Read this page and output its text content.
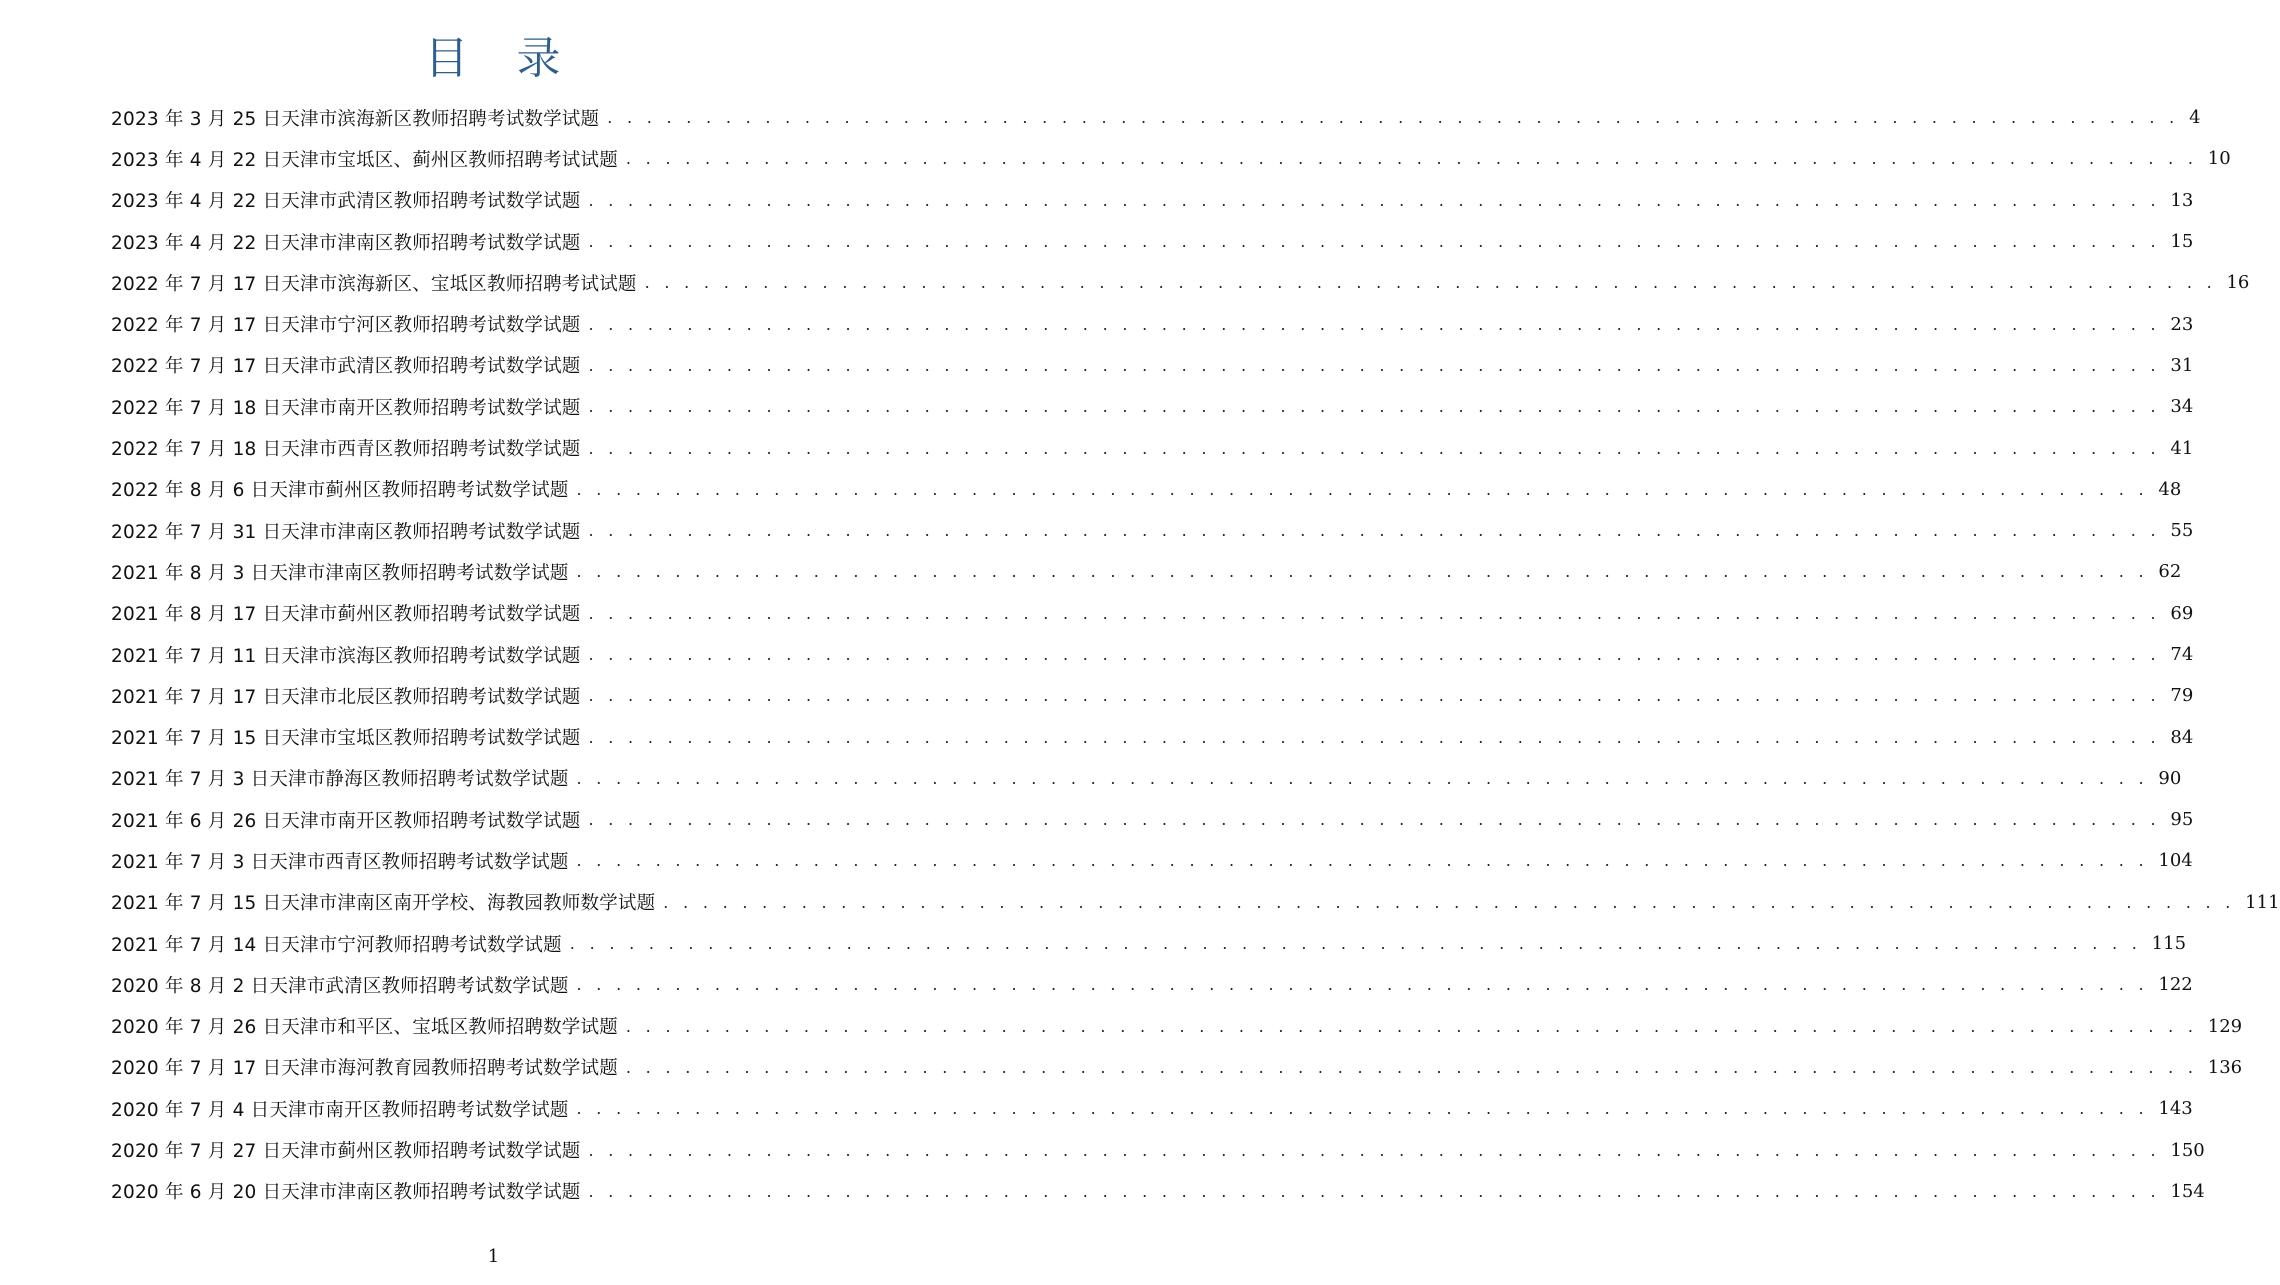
目　录
2023 年 3 月 25 日天津市滨海新区教师招聘考试数学试题 . . . . . . . . . . . . . . . . . . . . . . . . . . . . . . . . . . . . . . . . . . . . . . . . . . . . . . . . . . . . . . . . . . . . . . . . . . . . . . . . 4
2023 年 4 月 22 日天津市宝坻区、蓟州区教师招聘考试试题 . . . . . . . . . . . . . . . . . . . . . . . . . . . . . . . . . . . . . . . . . . . . . . . . . . . . . . . . . . . . . . . . . . . . . . . . . . . . . . . . 10
2023 年 4 月 22 日天津市武清区教师招聘考试数学试题 . . . . . . . . . . . . . . . . . . . . . . . . . . . . . . . . . . . . . . . . . . . . . . . . . . . . . . . . . . . . . . . . . . . . . . . . . . . . . . . . 13
2023 年 4 月 22 日天津市津南区教师招聘考试数学试题 . . . . . . . . . . . . . . . . . . . . . . . . . . . . . . . . . . . . . . . . . . . . . . . . . . . . . . . . . . . . . . . . . . . . . . . . . . . . . . . . 15
2022 年 7 月 17 日天津市滨海新区、宝坻区教师招聘考试试题 . . . . . . . . . . . . . . . . . . . . . . . . . . . . . . . . . . . . . . . . . . . . . . . . . . . . . . . . . . . . . . . . . . . . . . . . . . . . . . . . 16
2022 年 7 月 17 日天津市宁河区教师招聘考试数学试题 . . . . . . . . . . . . . . . . . . . . . . . . . . . . . . . . . . . . . . . . . . . . . . . . . . . . . . . . . . . . . . . . . . . . . . . . . . . . . . . . 23
2022 年 7 月 17 日天津市武清区教师招聘考试数学试题 . . . . . . . . . . . . . . . . . . . . . . . . . . . . . . . . . . . . . . . . . . . . . . . . . . . . . . . . . . . . . . . . . . . . . . . . . . . . . . . . 31
2022 年 7 月 18 日天津市南开区教师招聘考试数学试题 . . . . . . . . . . . . . . . . . . . . . . . . . . . . . . . . . . . . . . . . . . . . . . . . . . . . . . . . . . . . . . . . . . . . . . . . . . . . . . . . 34
2022 年 7 月 18 日天津市西青区教师招聘考试数学试题 . . . . . . . . . . . . . . . . . . . . . . . . . . . . . . . . . . . . . . . . . . . . . . . . . . . . . . . . . . . . . . . . . . . . . . . . . . . . . . . . 41
2022 年 8 月 6 日天津市蓟州区教师招聘考试数学试题 . . . . . . . . . . . . . . . . . . . . . . . . . . . . . . . . . . . . . . . . . . . . . . . . . . . . . . . . . . . . . . . . . . . . . . . . . . . . . . . . 48
2022 年 7 月 31 日天津市津南区教师招聘考试数学试题 . . . . . . . . . . . . . . . . . . . . . . . . . . . . . . . . . . . . . . . . . . . . . . . . . . . . . . . . . . . . . . . . . . . . . . . . . . . . . . . . 55
2021 年 8 月 3 日天津市津南区教师招聘考试数学试题 . . . . . . . . . . . . . . . . . . . . . . . . . . . . . . . . . . . . . . . . . . . . . . . . . . . . . . . . . . . . . . . . . . . . . . . . . . . . . . . . 62
2021 年 8 月 17 日天津市蓟州区教师招聘考试数学试题 . . . . . . . . . . . . . . . . . . . . . . . . . . . . . . . . . . . . . . . . . . . . . . . . . . . . . . . . . . . . . . . . . . . . . . . . . . . . . . . . 69
2021 年 7 月 11 日天津市滨海区教师招聘考试数学试题 . . . . . . . . . . . . . . . . . . . . . . . . . . . . . . . . . . . . . . . . . . . . . . . . . . . . . . . . . . . . . . . . . . . . . . . . . . . . . . . . 74
2021 年 7 月 17 日天津市北辰区教师招聘考试数学试题 . . . . . . . . . . . . . . . . . . . . . . . . . . . . . . . . . . . . . . . . . . . . . . . . . . . . . . . . . . . . . . . . . . . . . . . . . . . . . . . . 79
2021 年 7 月 15 日天津市宝坻区教师招聘考试数学试题 . . . . . . . . . . . . . . . . . . . . . . . . . . . . . . . . . . . . . . . . . . . . . . . . . . . . . . . . . . . . . . . . . . . . . . . . . . . . . . . . 84
2021 年 7 月 3 日天津市静海区教师招聘考试数学试题 . . . . . . . . . . . . . . . . . . . . . . . . . . . . . . . . . . . . . . . . . . . . . . . . . . . . . . . . . . . . . . . . . . . . . . . . . . . . . . . . 90
2021 年 6 月 26 日天津市南开区教师招聘考试数学试题 . . . . . . . . . . . . . . . . . . . . . . . . . . . . . . . . . . . . . . . . . . . . . . . . . . . . . . . . . . . . . . . . . . . . . . . . . . . . . . . . 95
2021 年 7 月 3 日天津市西青区教师招聘考试数学试题 . . . . . . . . . . . . . . . . . . . . . . . . . . . . . . . . . . . . . . . . . . . . . . . . . . . . . . . . . . . . . . . . . . . . . . . . . . . . . . . . 104
2021 年 7 月 15 日天津市津南区南开学校、海教园教师数学试题 . . . . . . . . . . . . . . . . . . . . . . . . . . . . . . . . . . . . . . . . . . . . . . . . . . . . . . . . . . . . . . . . . . . . . . . . . . . . . . . . 111
2021 年 7 月 14 日天津市宁河教师招聘考试数学试题 . . . . . . . . . . . . . . . . . . . . . . . . . . . . . . . . . . . . . . . . . . . . . . . . . . . . . . . . . . . . . . . . . . . . . . . . . . . . . . . . 115
2020 年 8 月 2 日天津市武清区教师招聘考试数学试题 . . . . . . . . . . . . . . . . . . . . . . . . . . . . . . . . . . . . . . . . . . . . . . . . . . . . . . . . . . . . . . . . . . . . . . . . . . . . . . . . 122
2020 年 7 月 26 日天津市和平区、宝坻区教师招聘数学试题 . . . . . . . . . . . . . . . . . . . . . . . . . . . . . . . . . . . . . . . . . . . . . . . . . . . . . . . . . . . . . . . . . . . . . . . . . . . . . . . . 129
2020 年 7 月 17 日天津市海河教育园教师招聘考试数学试题 . . . . . . . . . . . . . . . . . . . . . . . . . . . . . . . . . . . . . . . . . . . . . . . . . . . . . . . . . . . . . . . . . . . . . . . . . . . . . . . . 136
2020 年 7 月 4 日天津市南开区教师招聘考试数学试题 . . . . . . . . . . . . . . . . . . . . . . . . . . . . . . . . . . . . . . . . . . . . . . . . . . . . . . . . . . . . . . . . . . . . . . . . . . . . . . . . 143
2020 年 7 月 27 日天津市蓟州区教师招聘考试数学试题 . . . . . . . . . . . . . . . . . . . . . . . . . . . . . . . . . . . . . . . . . . . . . . . . . . . . . . . . . . . . . . . . . . . . . . . . . . . . . . . . 150
2020 年 6 月 20 日天津市津南区教师招聘考试数学试题 . . . . . . . . . . . . . . . . . . . . . . . . . . . . . . . . . . . . . . . . . . . . . . . . . . . . . . . . . . . . . . . . . . . . . . . . . . . . . . . . 154
1
